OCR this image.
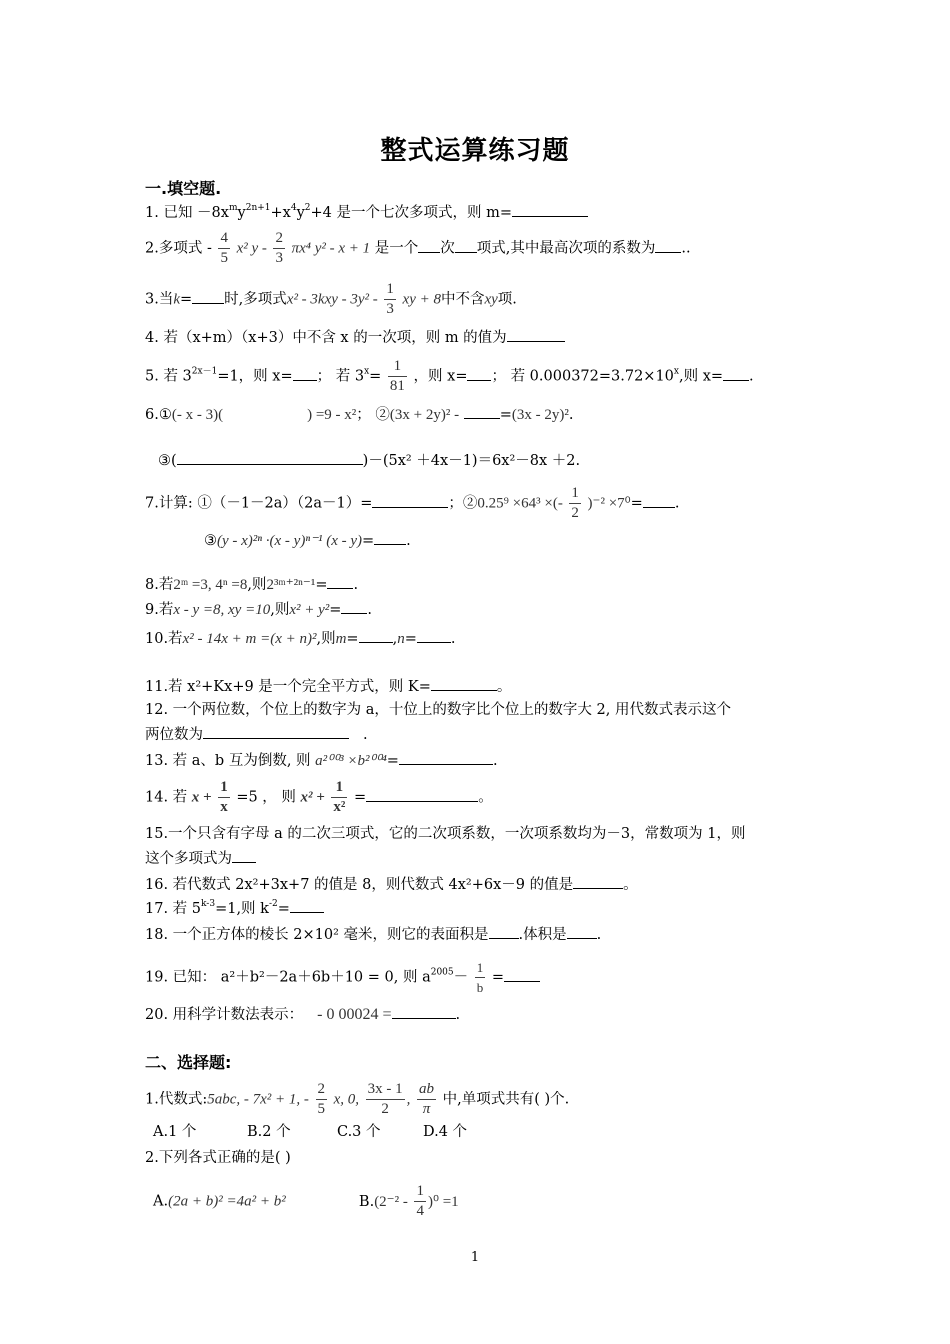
整式运算练习题
一.填空题.
1. 已知 $-8x^my^{2n+1}+x^4y^2+4$ 是一个七次多项式，则 m=
2.多项式 - $\frac{4}{5} x^2$ y - $\frac{2}{3} \pi x^4$ y² - x + 1 是一个 次 项式,其中最高次项的系数为 ..
3.当k= 时,多项式$x^2 - 3kxy - 3y^2 - \frac{1}{3}$ xy + 8中不含xy项.
4. 若（x+m）（x+3）中不含 x 的一次项，则 m 的值为
5. 若 $3^{2x-1}=1$，则 x= ； 若 $3^x= \frac{1}{81}$ ，则 x= ； 若 $0.000372=3.72\times 10^x$,则 x= .
6.①(- x - 3)(	) =9 - x²； ②(3x + 2y)² -	=(3x - 2y)².
③(	)－(5x² ＋4x－1)＝6x²－8x ＋2.
7.计算: ①（－1－2a）（2a－1）=	；②0.25⁹ ×64³ ×(- $\frac{1}{2} )^{-2} \times 7^0=$ .
③(y - x)²ⁿ ·(x - y)ⁿ⁻¹ (x - y)= .
8.若2ᵐ =3, 4ⁿ =8,则2³ᵐ⁺²ⁿ⁻¹= .
9.若x - y =8, xy =10,则x² + y²= .
10.若x² - 14x + m =(x + n)²,则m= ,n= .
11.若 x²+Kx+9 是一个完全平方式，则 K=	。
12. 一个两位数，个位上的数字为 a，十位上的数字比个位上的数字大 2, 用代数式表示这个
两位数为	.
13. 若 a、b 互为倒数, 则 a²⁰⁰³ ×b²⁰⁰⁴=	.
14. 若 $x + \frac{1}{x} =5$ ， 则 $x^2 + \frac{1}{\text{x²}}$ =	。
15.一个只含有字母 a 的二次三项式，它的二次项系数，一次项系数均为－3，常数项为 1，则
这个多项式为
16. 若代数式 2x²+3x+7 的值是 8，则代数式 4x²+6x－9 的值是	。
17. 若 $5^{k-3}=1$,则 $k^{-2}=$
18. 一个正方体的棱长 2×10² 毫米，则它的表面积是 .体积是 .
19. 已知： a²＋b²－2a＋6b＋10 = 0, 则 $a^{2005}- \frac{1}{b}$ =
20. 用科学计数法表示： - 0 00024 =	.
二、选择题:
1.代数式:5abc, - 7x² + 1, - $\frac{2}{5} x$, 0, $\frac{3x - 1}{2}$ , $\frac{ab}{\pi}$ 中,单项式共有( )个.
A.1 个	B.2 个	C.3 个	D.4 个
2.下列各式正确的是( )
A.(2a + b)² =4a² + b²	$B.(2^{-2} - \frac{1}{4} )^0 =1$
1
